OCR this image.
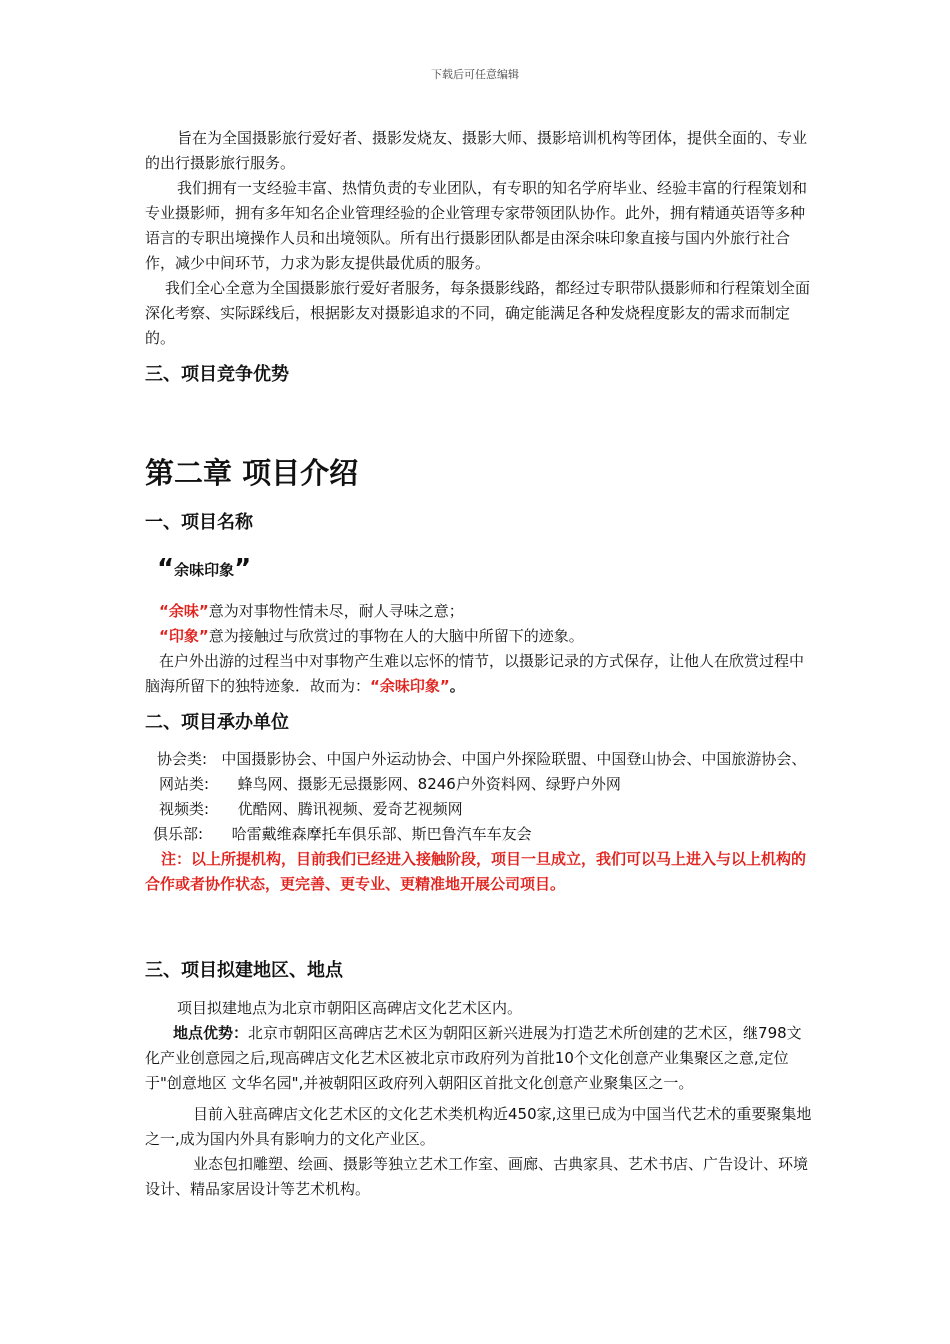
下载后可任意编辑

旨在为全国摄影旅行爱好者、摄影发烧友、摄影大师、摄影培训机构等团体，提供全面的、专业的出行摄影旅行服务。

我们拥有一支经验丰富、热情负责的专业团队，有专职的知名学府毕业、经验丰富的行程策划和专业摄影师，拥有多年知名企业管理经验的企业管理专家带领团队协作。此外，拥有精通英语等多种语言的专职出境操作人员和出境领队。所有出行摄影团队都是由深余味印象直接与国内外旅行社合作，减少中间环节，力求为影友提供最优质的服务。

我们全心全意为全国摄影旅行爱好者服务，每条摄影线路，都经过专职带队摄影师和行程策划全面深化考察、实际踩线后，根据影友对摄影追求的不同，确定能满足各种发烧程度影友的需求而制定的。

三、项目竞争优势

第二章 项目介绍

一、项目名称

“余味印象”

“余味”意为对事物性情未尽，耐人寻味之意；

“印象”意为接触过与欣赏过的事物在人的大脑中所留下的迹象。

在户外出游的过程当中对事物产生难以忘怀的情节，以摄影记录的方式保存，让他人在欣赏过程中脑海所留下的独特迹象．故而为：“余味印象”。

二、项目承办单位

协会类: 中国摄影协会、中国户外运动协会、中国户外探险联盟、中国登山协会、中国旅游协会、

网站类: 蜂鸟网、摄影无忌摄影网、8246户外资料网、绿野户外网

视频类: 优酷网、腾讯视频、爱奇艺视频网

俱乐部: 哈雷戴维森摩托车俱乐部、斯巴鲁汽车车友会

注：以上所提机构，目前我们已经进入接触阶段，项目一旦成立，我们可以马上进入与以上机构的合作或者协作状态，更完善、更专业、更精准地开展公司项目。

三、项目拟建地区、地点

项目拟建地点为北京市朝阳区高碑店文化艺术区内。

地点优势：北京市朝阳区高碑店艺术区为朝阳区新兴进展为打造艺术所创建的艺术区，继798文化产业创意园之后,现高碑店文化艺术区被北京市政府列为首批10个文化创意产业集聚区之意,定位于"创意地区 文华名园",并被朝阳区政府列入朝阳区首批文化创意产业聚集区之一。

目前入驻高碑店文化艺术区的文化艺术类机构近450家,这里已成为中国当代艺术的重要聚集地之一,成为国内外具有影响力的文化产业区。

业态包扣雕塑、绘画、摄影等独立艺术工作室、画廊、古典家具、艺术书店、广告设计、环境设计、精品家居设计等艺术机构。
